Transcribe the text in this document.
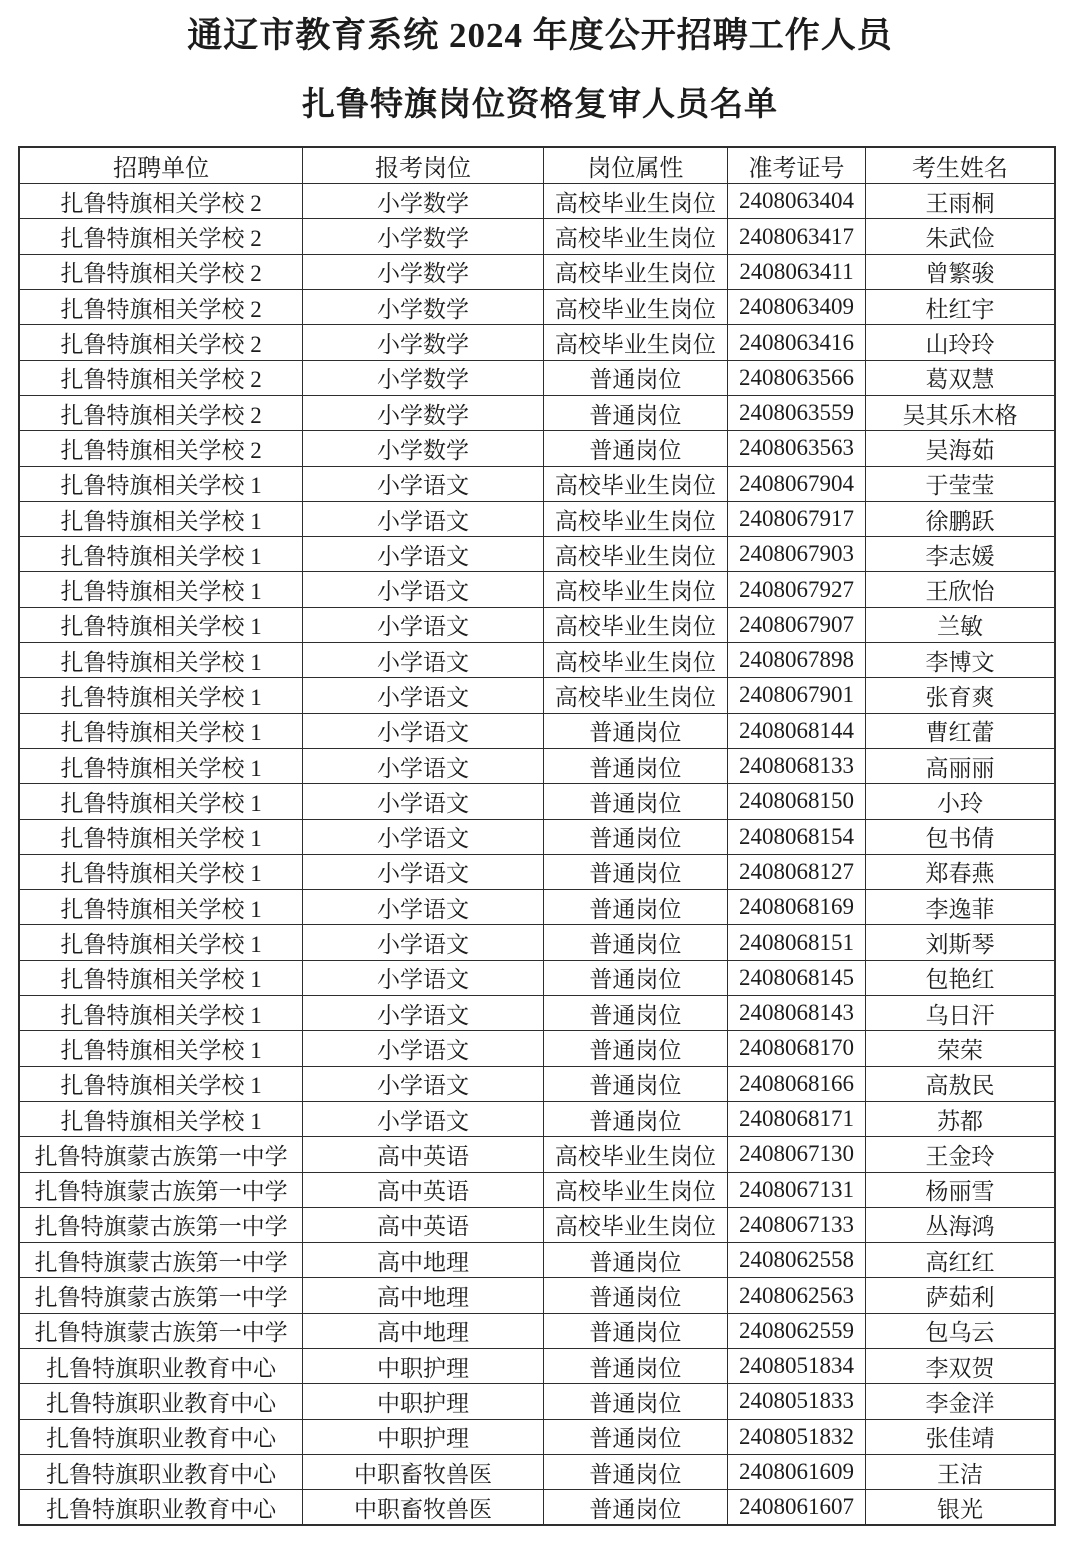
通辽市教育系统 2024 年度公开招聘工作人员
扎鲁特旗岗位资格复审人员名单
招聘单位	报考岗位	岗位属性	准考证号	考生姓名
扎鲁特旗相关学校 2	小学数学	高校毕业生岗位	2408063404	王雨桐
扎鲁特旗相关学校 2	小学数学	高校毕业生岗位	2408063417	朱武俭
扎鲁特旗相关学校 2	小学数学	高校毕业生岗位	2408063411	曾繁骏
扎鲁特旗相关学校 2	小学数学	高校毕业生岗位	2408063409	杜红宇
扎鲁特旗相关学校 2	小学数学	高校毕业生岗位	2408063416	山玲玲
扎鲁特旗相关学校 2	小学数学	普通岗位	2408063566	葛双慧
扎鲁特旗相关学校 2	小学数学	普通岗位	2408063559	吴其乐木格
扎鲁特旗相关学校 2	小学数学	普通岗位	2408063563	吴海茹
扎鲁特旗相关学校 1	小学语文	高校毕业生岗位	2408067904	于莹莹
扎鲁特旗相关学校 1	小学语文	高校毕业生岗位	2408067917	徐鹏跃
扎鲁特旗相关学校 1	小学语文	高校毕业生岗位	2408067903	李志媛
扎鲁特旗相关学校 1	小学语文	高校毕业生岗位	2408067927	王欣怡
扎鲁特旗相关学校 1	小学语文	高校毕业生岗位	2408067907	兰敏
扎鲁特旗相关学校 1	小学语文	高校毕业生岗位	2408067898	李博文
扎鲁特旗相关学校 1	小学语文	高校毕业生岗位	2408067901	张育爽
扎鲁特旗相关学校 1	小学语文	普通岗位	2408068144	曹红蕾
扎鲁特旗相关学校 1	小学语文	普通岗位	2408068133	高丽丽
扎鲁特旗相关学校 1	小学语文	普通岗位	2408068150	小玲
扎鲁特旗相关学校 1	小学语文	普通岗位	2408068154	包书倩
扎鲁特旗相关学校 1	小学语文	普通岗位	2408068127	郑春燕
扎鲁特旗相关学校 1	小学语文	普通岗位	2408068169	李逸菲
扎鲁特旗相关学校 1	小学语文	普通岗位	2408068151	刘斯琴
扎鲁特旗相关学校 1	小学语文	普通岗位	2408068145	包艳红
扎鲁特旗相关学校 1	小学语文	普通岗位	2408068143	乌日汗
扎鲁特旗相关学校 1	小学语文	普通岗位	2408068170	荣荣
扎鲁特旗相关学校 1	小学语文	普通岗位	2408068166	高敖民
扎鲁特旗相关学校 1	小学语文	普通岗位	2408068171	苏都
扎鲁特旗蒙古族第一中学	高中英语	高校毕业生岗位	2408067130	王金玲
扎鲁特旗蒙古族第一中学	高中英语	高校毕业生岗位	2408067131	杨丽雪
扎鲁特旗蒙古族第一中学	高中英语	高校毕业生岗位	2408067133	丛海鸿
扎鲁特旗蒙古族第一中学	高中地理	普通岗位	2408062558	高红红
扎鲁特旗蒙古族第一中学	高中地理	普通岗位	2408062563	萨茹利
扎鲁特旗蒙古族第一中学	高中地理	普通岗位	2408062559	包乌云
扎鲁特旗职业教育中心	中职护理	普通岗位	2408051834	李双贺
扎鲁特旗职业教育中心	中职护理	普通岗位	2408051833	李金洋
扎鲁特旗职业教育中心	中职护理	普通岗位	2408051832	张佳靖
扎鲁特旗职业教育中心	中职畜牧兽医	普通岗位	2408061609	王洁
扎鲁特旗职业教育中心	中职畜牧兽医	普通岗位	2408061607	银光
